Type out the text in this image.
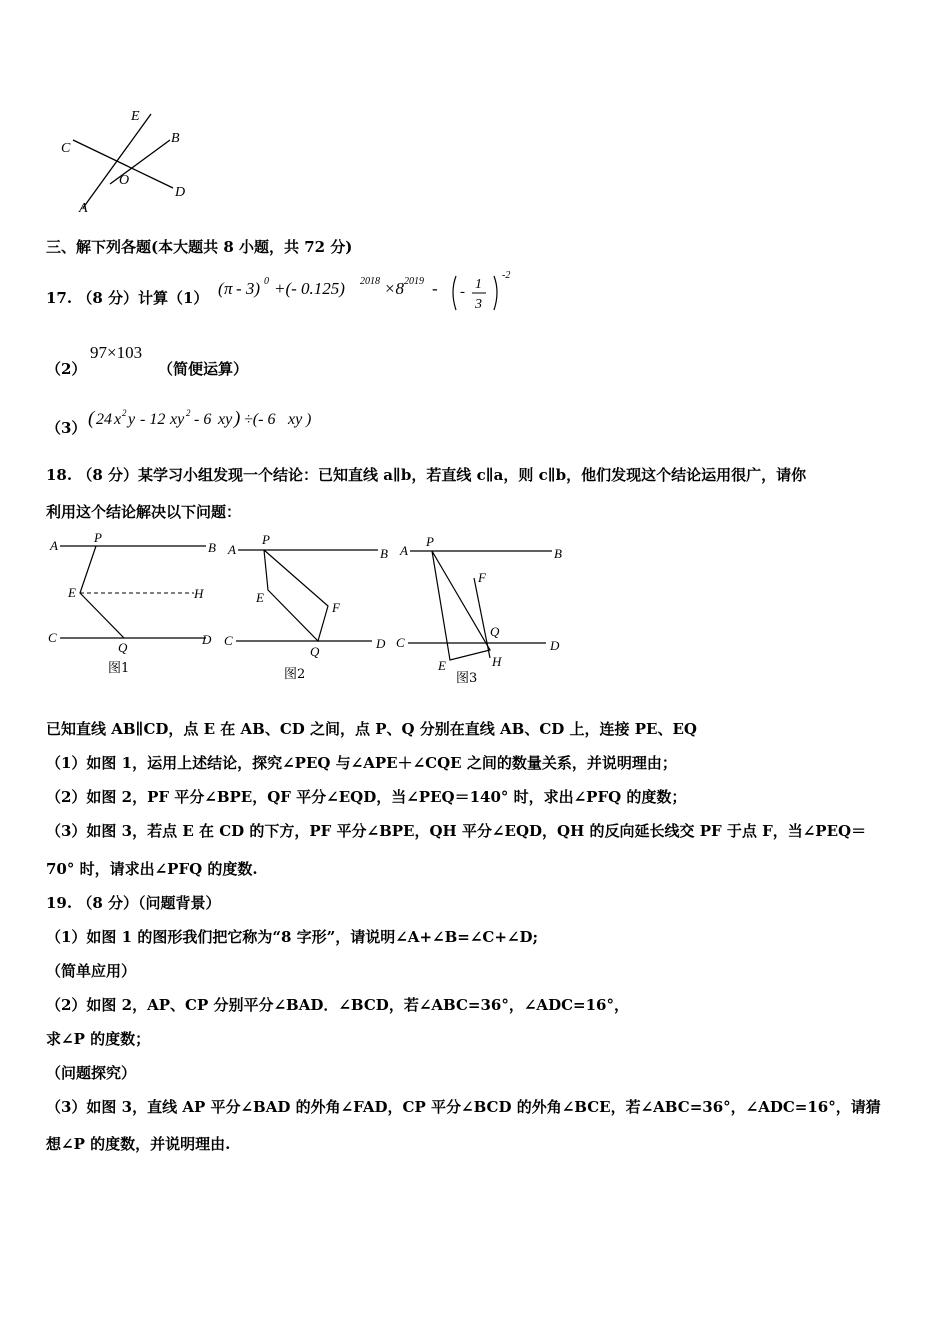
E
B
C
O
D
A
三、解下列各题(本大题共 8 小题，共 72 分)
17. （8 分）计算（1） ( π - 3) 0 +(- 0.125) 2018 ×8 2019 - - 1
3
-2
（2）
97×103
（简便运算）
（3） ( 24 x 2 y - 12 xy 2 - 6 xy ) ÷(- 6 xy )
18. （8 分）某学习小组发现一个结论：已知直线 a∥b，若直线 c∥a，则 c∥b，他们发现这个结论运用很广，请你
利用这个结论解决以下问题：
A
P
B
E	H
C
Q
D
图1
A
P
B
E
F
C
Q
D
图2
A
P
B
F
Q
C	D
E	H
图3
已知直线 AB∥CD，点 E 在 AB、CD 之间，点 P、Q 分别在直线 AB、CD 上，连接 PE、EQ
（1）如图 1，运用上述结论，探究∠PEQ 与∠APE＋∠CQE 之间的数量关系，并说明理由；
（2）如图 2，PF 平分∠BPE，QF 平分∠EQD，当∠PEQ＝140° 时，求出∠PFQ 的度数；
（3）如图 3，若点 E 在 CD 的下方，PF 平分∠BPE，QH 平分∠EQD，QH 的反向延长线交 PF 于点 F，当∠PEQ＝
70° 时，请求出∠PFQ 的度数.
19. （8 分）（问题背景）
（1）如图 1 的图形我们把它称为“8 字形”，请说明∠A+∠B=∠C+∠D;
（简单应用）
（2）如图 2，AP、CP 分别平分∠BAD．∠BCD，若∠ABC=36°，∠ADC=16°，
求∠P 的度数；
（问题探究）
（3）如图 3，直线 AP 平分∠BAD 的外角∠FAD，CP 平分∠BCD 的外角∠BCE，若∠ABC=36°，∠ADC=16°，请猜
想∠P 的度数，并说明理由.
